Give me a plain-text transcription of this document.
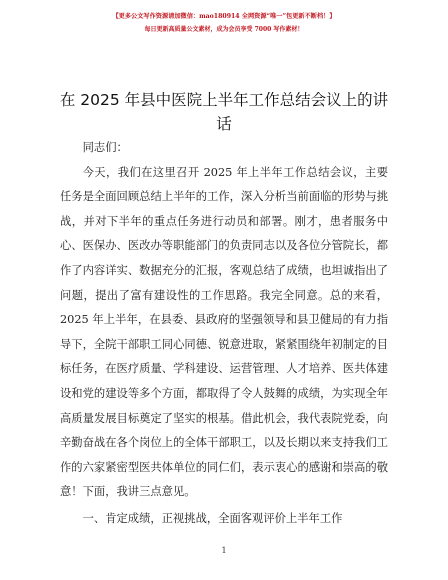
【更多公文写作资源请加微信：mao180914 全网资源“唯一”包更新不断档！】
每日更新高质量公文素材，成为会员享受 7000 写作素材！
在 2025 年县中医院上半年工作总结会议上的讲话

同志们：

今天，我们在这里召开 2025 年上半年工作总结会议，主要任务是全面回顾总结上半年的工作，深入分析当前面临的形势与挑战，并对下半年的重点任务进行动员和部署。刚才，患者服务中心、医保办、医改办等职能部门的负责同志以及各位分管院长，都作了内容详实、数据充分的汇报，客观总结了成绩，也坦诚指出了问题，提出了富有建设性的工作思路。我完全同意。总的来看，2025 年上半年，在县委、县政府的坚强领导和县卫健局的有力指导下，全院干部职工同心同德、锐意进取，紧紧围绕年初制定的目标任务，在医疗质量、学科建设、运营管理、人才培养、医共体建设和党的建设等多个方面，都取得了令人鼓舞的成绩，为实现全年高质量发展目标奠定了坚实的根基。借此机会，我代表院党委，向辛勤奋战在各个岗位上的全体干部职工，以及长期以来支持我们工作的六家紧密型医共体单位的同仁们，表示衷心的感谢和崇高的敬意！下面，我讲三点意见。

一、肯定成绩，正视挑战，全面客观评价上半年工作

1
